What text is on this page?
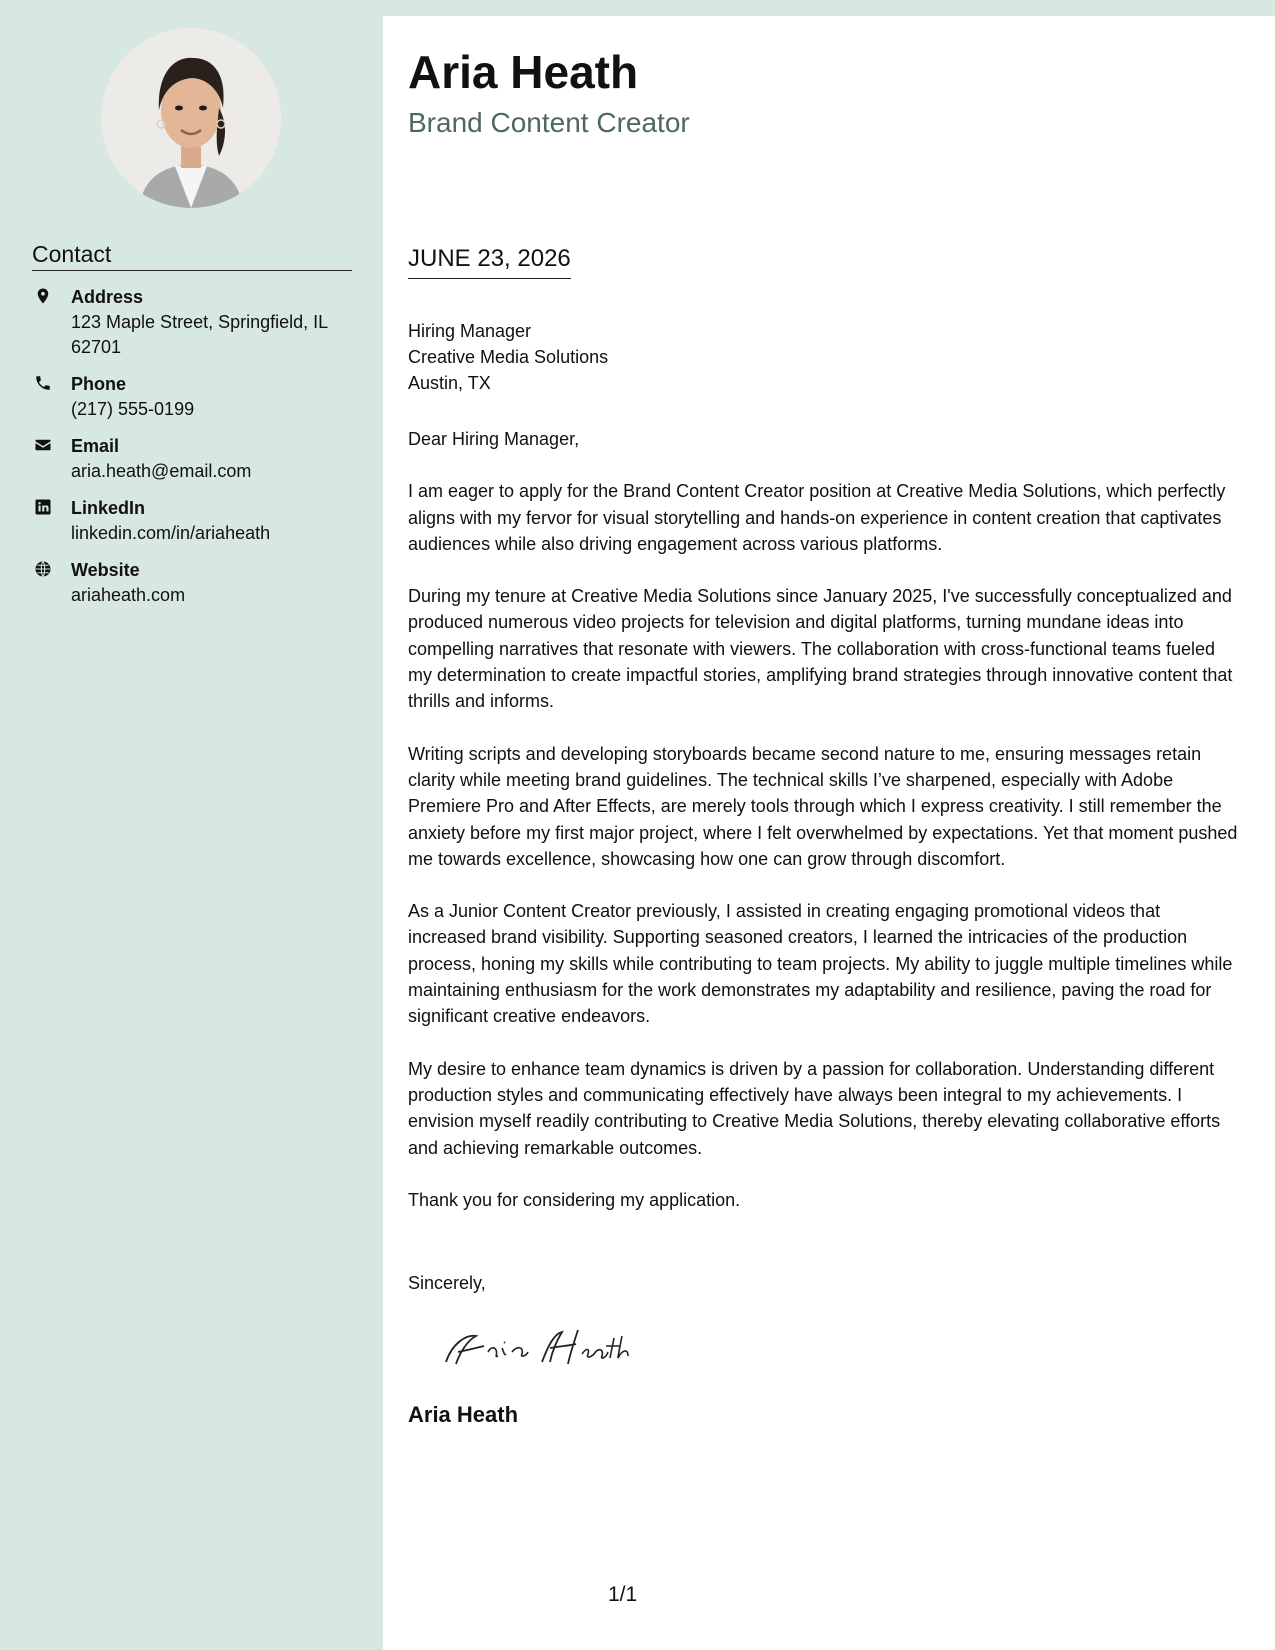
Contact
Address
123 Maple Street, Springfield, IL 62701
Phone
(217) 555-0199
Email
aria.heath@email.com
LinkedIn
linkedin.com/in/ariaheath
Website
ariaheath.com
Aria Heath
Brand Content Creator
JUNE 23, 2026
Hiring Manager
Creative Media Solutions
Austin, TX

Dear Hiring Manager,

I am eager to apply for the Brand Content Creator position at Creative Media Solutions, which perfectly aligns with my fervor for visual storytelling and hands-on experience in content creation that captivates audiences while also driving engagement across various platforms.

During my tenure at Creative Media Solutions since January 2025, I've successfully conceptualized and produced numerous video projects for television and digital platforms, turning mundane ideas into compelling narratives that resonate with viewers. The collaboration with cross-functional teams fueled my determination to create impactful stories, amplifying brand strategies through innovative content that thrills and informs.

Writing scripts and developing storyboards became second nature to me, ensuring messages retain clarity while meeting brand guidelines. The technical skills I’ve sharpened, especially with Adobe Premiere Pro and After Effects, are merely tools through which I express creativity. I still remember the anxiety before my first major project, where I felt overwhelmed by expectations. Yet that moment pushed me towards excellence, showcasing how one can grow through discomfort.

As a Junior Content Creator previously, I assisted in creating engaging promotional videos that increased brand visibility. Supporting seasoned creators, I learned the intricacies of the production process, honing my skills while contributing to team projects. My ability to juggle multiple timelines while maintaining enthusiasm for the work demonstrates my adaptability and resilience, paving the road for significant creative endeavors.

My desire to enhance team dynamics is driven by a passion for collaboration. Understanding different production styles and communicating effectively have always been integral to my achievements. I envision myself readily contributing to Creative Media Solutions, thereby elevating collaborative efforts and achieving remarkable outcomes.

Thank you for considering my application.

Sincerely,
Aria Heath
1/1
